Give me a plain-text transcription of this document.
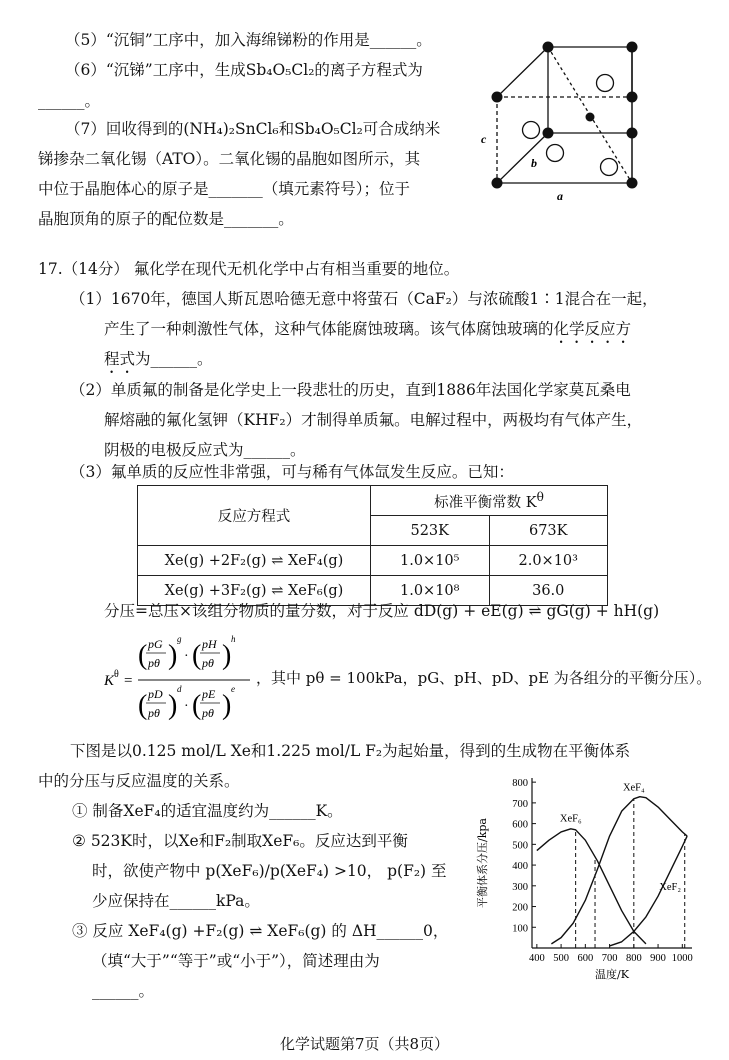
（5）“沉铜”工序中，加入海绵锑粉的作用是______。
（6）“沉锑”工序中，生成Sb₄O₅Cl₂的离子方程式为
______。
（7）回收得到的(NH₄)₂SnCl₆和Sb₄O₅Cl₂可合成纳米
锑掺杂二氧化锡（ATO）。二氧化锡的晶胞如图所示，其
中位于晶胞体心的原子是_______（填元素符号）；位于
晶胞顶角的原子的配位数是_______。
c
b
a
17.（14分） 氟化学在现代无机化学中占有相当重要的地位。
（1）1670年，德国人斯瓦恩哈德无意中将萤石（CaF₂）与浓硫酸1∶1混合在一起，
产生了一种刺激性气体，这种气体能腐蚀玻璃。该气体腐蚀玻璃的化学反应方
程式为______。
（2）单质氟的制备是化学史上一段悲壮的历史，直到1886年法国化学家莫瓦桑电
解熔融的氟化氢钾（KHF₂）才制得单质氟。电解过程中，两极均有气体产生，
阴极的电极反应式为______。
（3）氟单质的反应性非常强，可与稀有气体氙发生反应。已知：
反应方程式	标准平衡常数 $K^\theta$
	523K	673K
Xe(g) +2F₂(g) ⇌ XeF₄(g)	1.0×10⁵	2.0×10³
Xe(g) +3F₂(g) ⇌ XeF₆(g)	1.0×10⁸	36.0
分压=总压×该组分物质的量分数，对于反应 dD(g) + eE(g) ⇌ gG(g) + hH(g)
K θ =
( pG
pθ )
g
· ( pH
pθ )
h
( pD
pθ )
d
· ( pE
pθ )
e
，其中 pθ = 100kPa，pG、pH、pD、pE 为各组分的平衡分压）。
下图是以0.125 mol/L Xe和1.225 mol/L F₂为起始量，得到的生成物在平衡体系
中的分压与反应温度的关系。
① 制备XeF₄的适宜温度约为______K。
② 523K时，以Xe和F₂制取XeF₆。反应达到平衡
时，欲使产物中 p(XeF₆)/p(XeF₄) >10， p(F₂) 至
少应保持在______kPa。
③ 反应 XeF₄(g) +F₂(g) ⇌ XeF₆(g) 的 ΔH______0，
（填“大于”“等于”或“小于”），简述理由为
______。
400 500 600 700 800 900 1000
100
200
300
400
500
600
700
800
XeF₆
XeF₄
XeF₂
温度/K
平衡体系分压/kpa
化学试题第7页（共8页）
